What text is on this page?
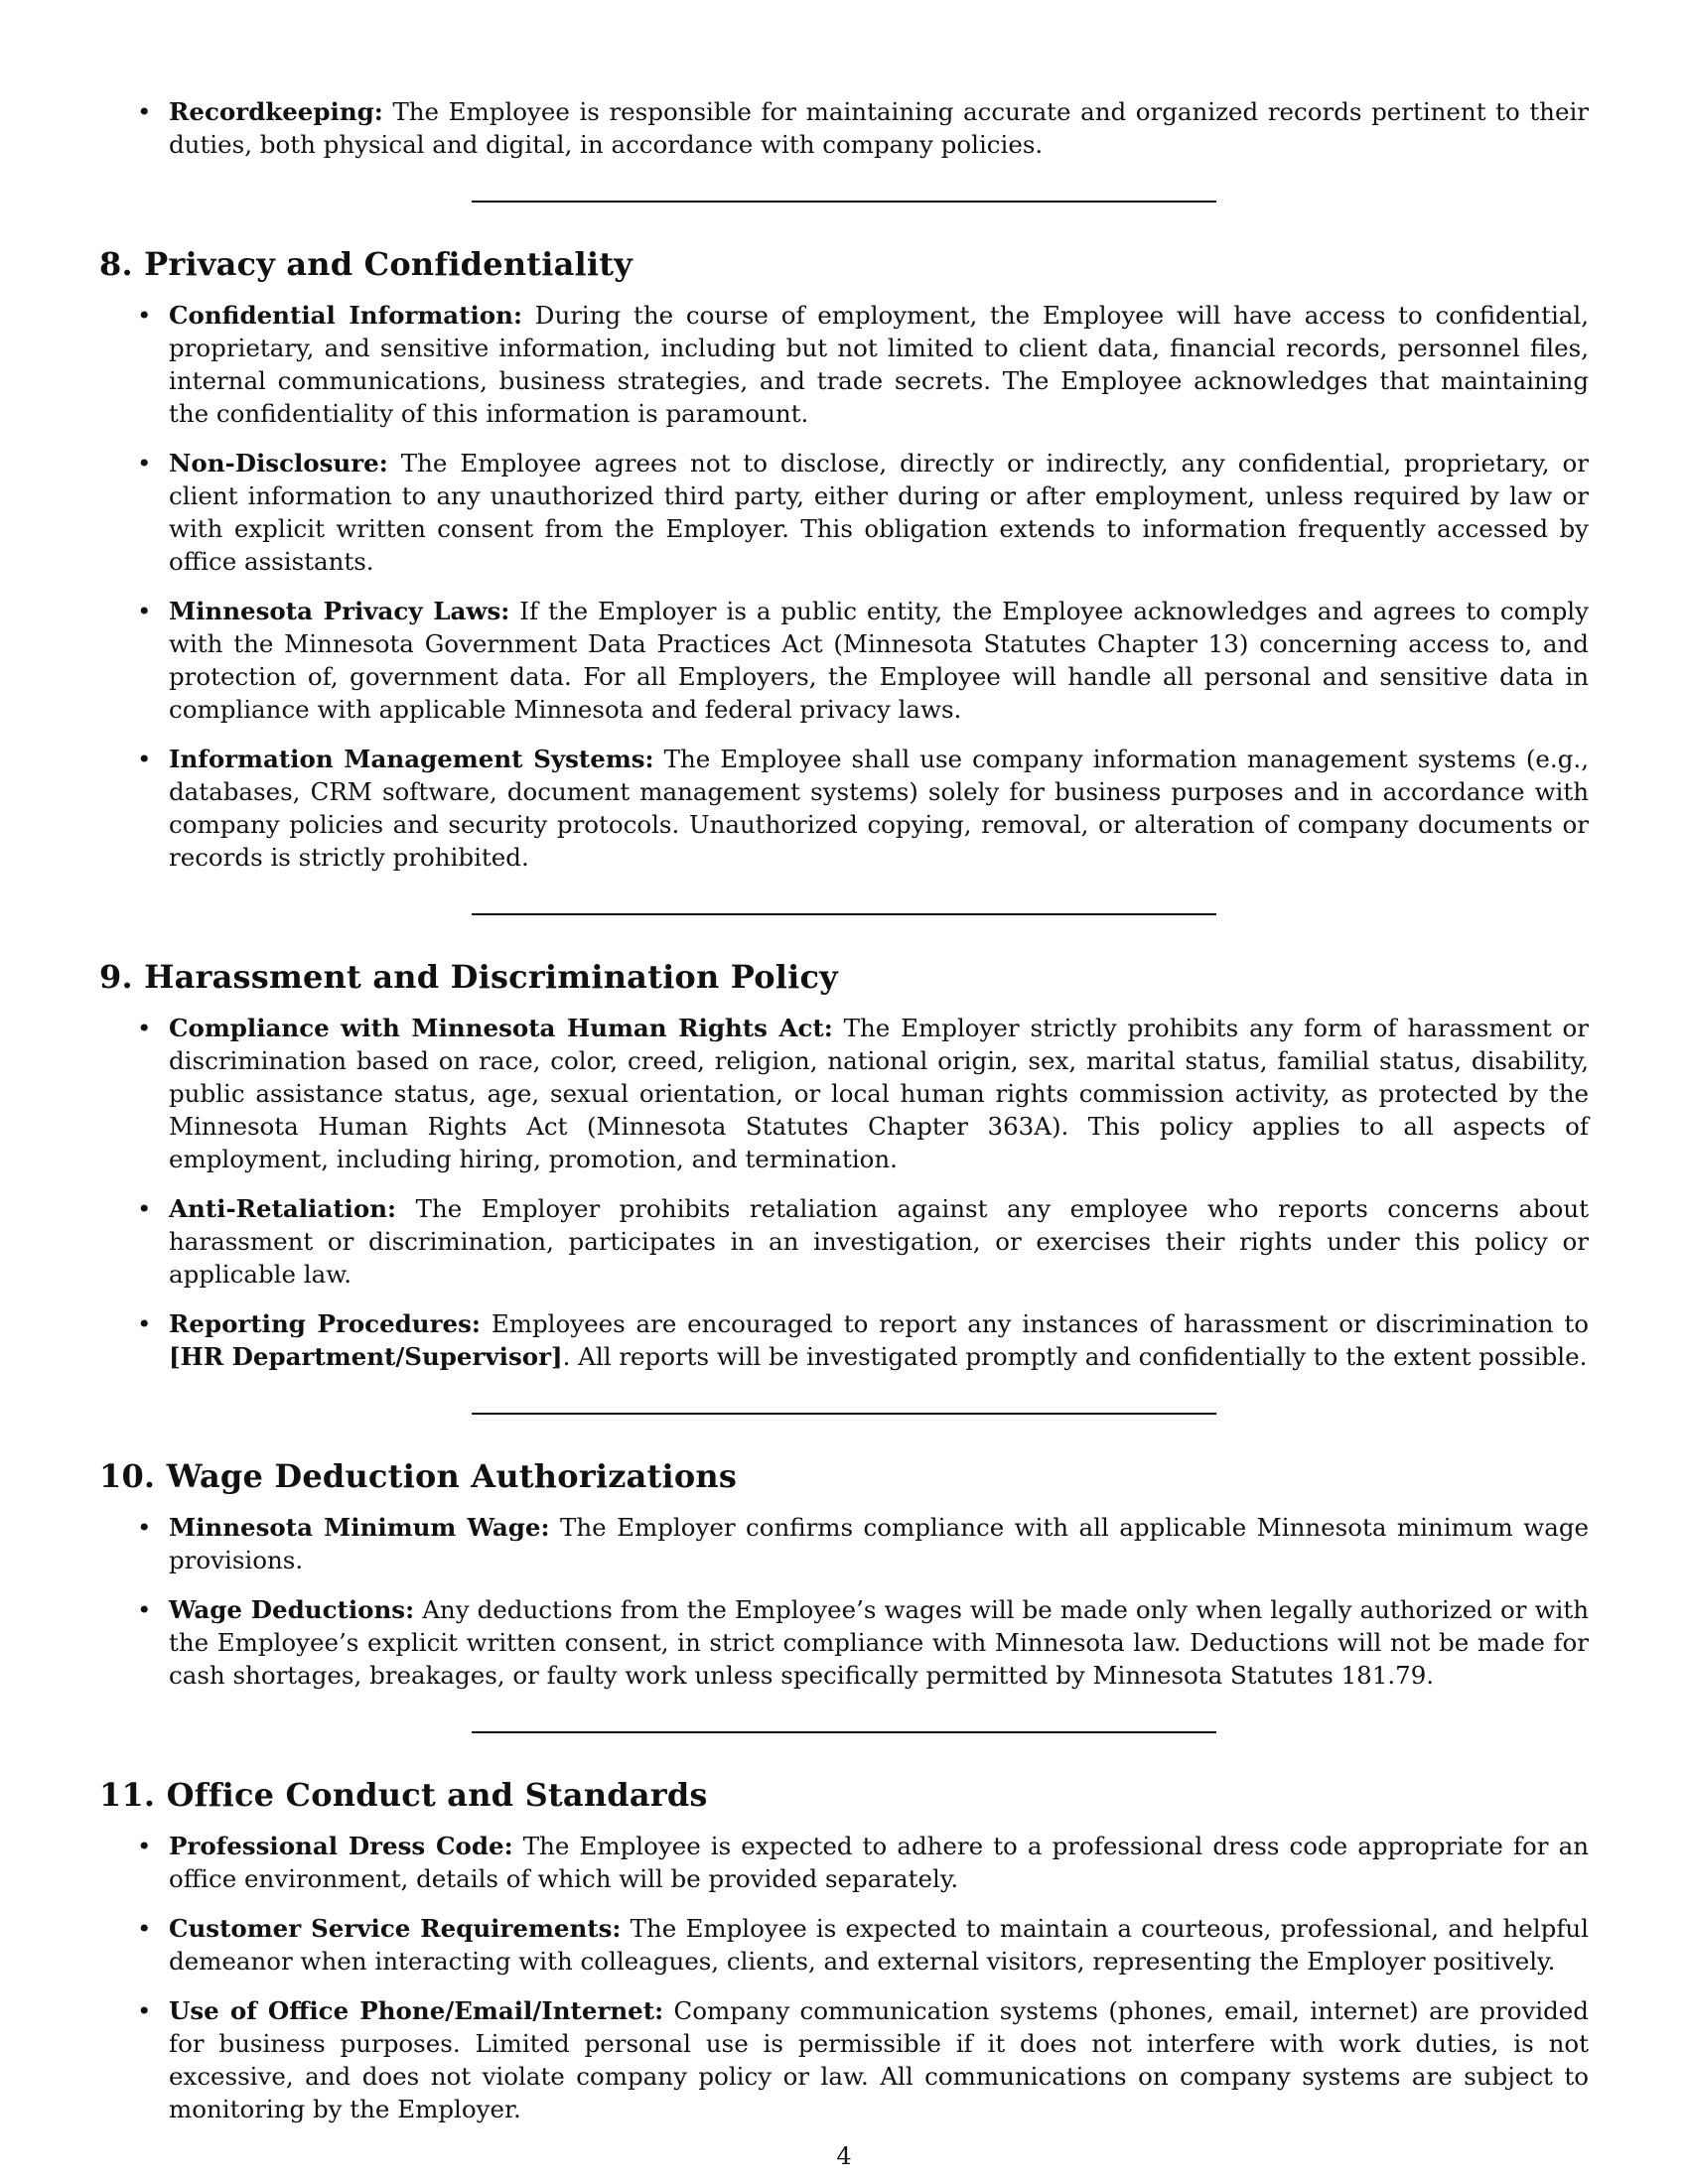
• Recordkeeping: The Employee is responsible for maintaining accurate and organized records pertinent to their duties, both physical and digital, in accordance with company policies.
8. Privacy and Confidentiality
• Confidential Information: During the course of employment, the Employee will have access to confidential, proprietary, and sensitive information, including but not limited to client data, financial records, personnel files, internal communications, business strategies, and trade secrets. The Employee acknowledges that maintaining the confidentiality of this information is paramount.
• Non-Disclosure: The Employee agrees not to disclose, directly or indirectly, any confidential, proprietary, or client information to any unauthorized third party, either during or after employment, unless required by law or with explicit written consent from the Employer. This obligation extends to information frequently accessed by office assistants.
• Minnesota Privacy Laws: If the Employer is a public entity, the Employee acknowledges and agrees to comply with the Minnesota Government Data Practices Act (Minnesota Statutes Chapter 13) concerning access to, and protection of, government data. For all Employers, the Employee will handle all personal and sensitive data in compliance with applicable Minnesota and federal privacy laws.
• Information Management Systems: The Employee shall use company information management systems (e.g., databases, CRM software, document management systems) solely for business purposes and in accordance with company policies and security protocols. Unauthorized copying, removal, or alteration of company documents or records is strictly prohibited.
9. Harassment and Discrimination Policy
• Compliance with Minnesota Human Rights Act: The Employer strictly prohibits any form of harassment or discrimination based on race, color, creed, religion, national origin, sex, marital status, familial status, disability, public assistance status, age, sexual orientation, or local human rights commission activity, as protected by the Minnesota Human Rights Act (Minnesota Statutes Chapter 363A). This policy applies to all aspects of employment, including hiring, promotion, and termination.
• Anti-Retaliation: The Employer prohibits retaliation against any employee who reports concerns about harassment or discrimination, participates in an investigation, or exercises their rights under this policy or applicable law.
• Reporting Procedures: Employees are encouraged to report any instances of harassment or discrimination to [HR Department/Supervisor]. All reports will be investigated promptly and confidentially to the extent possible.
10. Wage Deduction Authorizations
• Minnesota Minimum Wage: The Employer confirms compliance with all applicable Minnesota minimum wage provisions.
• Wage Deductions: Any deductions from the Employee’s wages will be made only when legally authorized or with the Employee’s explicit written consent, in strict compliance with Minnesota law. Deductions will not be made for cash shortages, breakages, or faulty work unless specifically permitted by Minnesota Statutes 181.79.
11. Office Conduct and Standards
• Professional Dress Code: The Employee is expected to adhere to a professional dress code appropriate for an office environment, details of which will be provided separately.
• Customer Service Requirements: The Employee is expected to maintain a courteous, professional, and helpful demeanor when interacting with colleagues, clients, and external visitors, representing the Employer positively.
• Use of Office Phone/Email/Internet: Company communication systems (phones, email, internet) are provided for business purposes. Limited personal use is permissible if it does not interfere with work duties, is not excessive, and does not violate company policy or law. All communications on company systems are subject to monitoring by the Employer.
4
